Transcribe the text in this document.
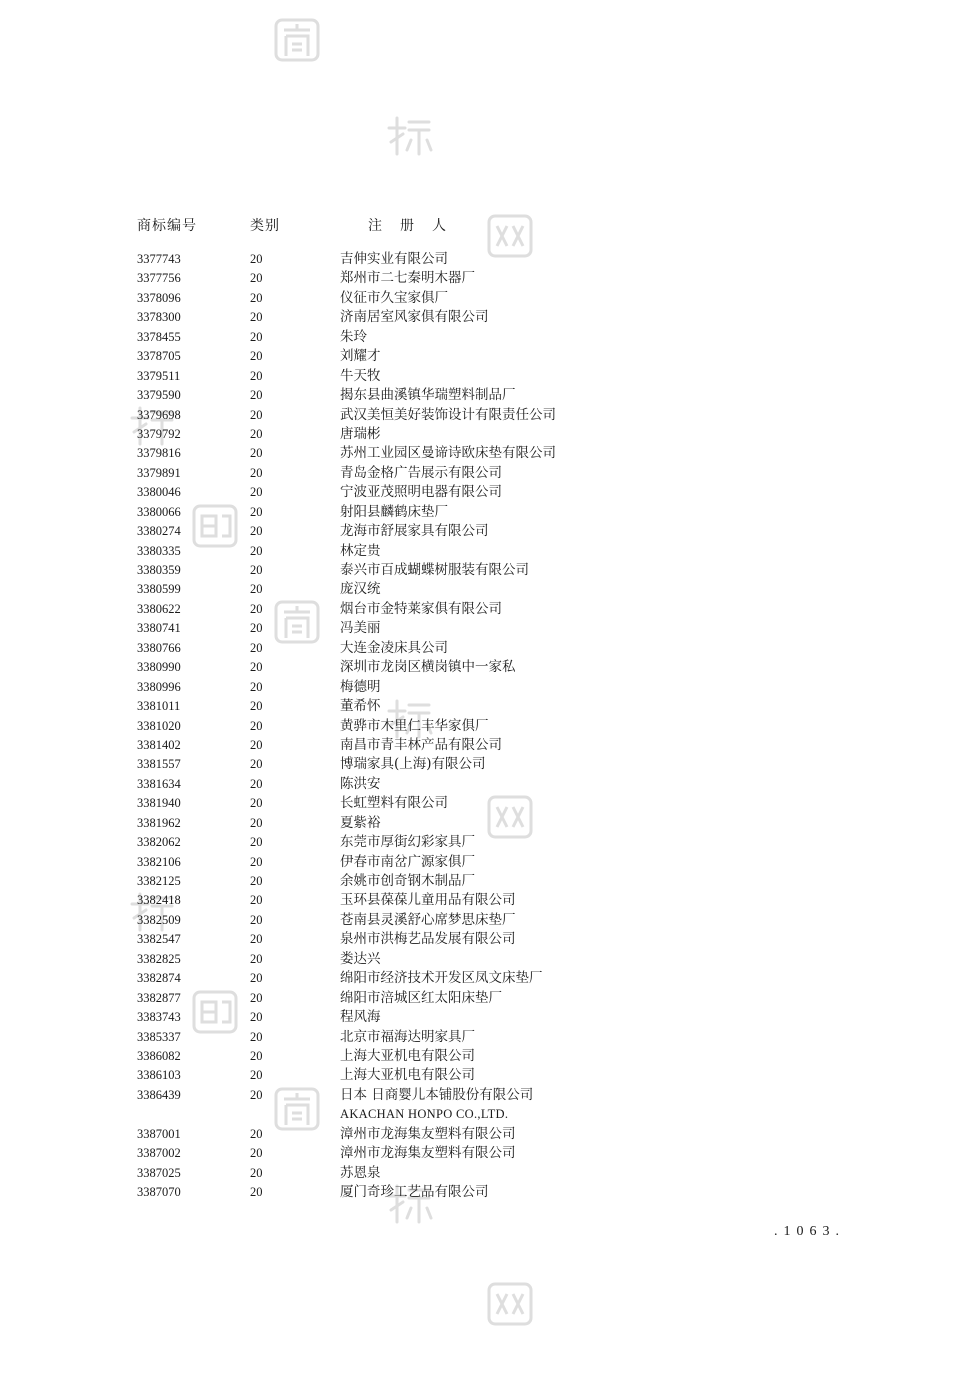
商标编号	类别	注册人
3377743	20	吉伸实业有限公司
3377756	20	郑州市二七秦明木器厂
3378096	20	仪征市久宝家俱厂
3378300	20	济南居室风家俱有限公司
3378455	20	朱玲
3378705	20	刘耀才
3379511	20	牛天牧
3379590	20	揭东县曲溪镇华瑞塑料制品厂
3379698	20	武汉美恒美好装饰设计有限责任公司
3379792	20	唐瑞彬
3379816	20	苏州工业园区曼谛诗欧床垫有限公司
3379891	20	青岛金格广告展示有限公司
3380046	20	宁波亚茂照明电器有限公司
3380066	20	射阳县麟鹤床垫厂
3380274	20	龙海市舒展家具有限公司
3380335	20	林定贵
3380359	20	泰兴市百成蝴蝶树服装有限公司
3380599	20	庞汉统
3380622	20	烟台市金特莱家俱有限公司
3380741	20	冯美丽
3380766	20	大连金凌床具公司
3380990	20	深圳市龙岗区横岗镇中一家私
3380996	20	梅德明
3381011	20	董希怀
3381020	20	黄骅市木里仁丰华家俱厂
3381402	20	南昌市青丰林产品有限公司
3381557	20	博瑞家具(上海)有限公司
3381634	20	陈洪安
3381940	20	长虹塑料有限公司
3381962	20	夏紫裕
3382062	20	东莞市厚街幻彩家具厂
3382106	20	伊春市南岔广源家俱厂
3382125	20	余姚市创奇钢木制品厂
3382418	20	玉环县葆葆儿童用品有限公司
3382509	20	苍南县灵溪舒心席梦思床垫厂
3382547	20	泉州市洪梅艺品发展有限公司
3382825	20	娄达兴
3382874	20	绵阳市经济技术开发区凤文床垫厂
3382877	20	绵阳市涪城区红太阳床垫厂
3383743	20	程风海
3385337	20	北京市福海达明家具厂
3386082	20	上海大亚机电有限公司
3386103	20	上海大亚机电有限公司
3386439	20	日本 日商婴儿本铺股份有限公司
AKACHAN HONPO CO.,LTD.
3387001	20	漳州市龙海集友塑料有限公司
3387002	20	漳州市龙海集友塑料有限公司
3387025	20	苏恩泉
3387070	20	厦门奇珍工艺品有限公司
.1063.
